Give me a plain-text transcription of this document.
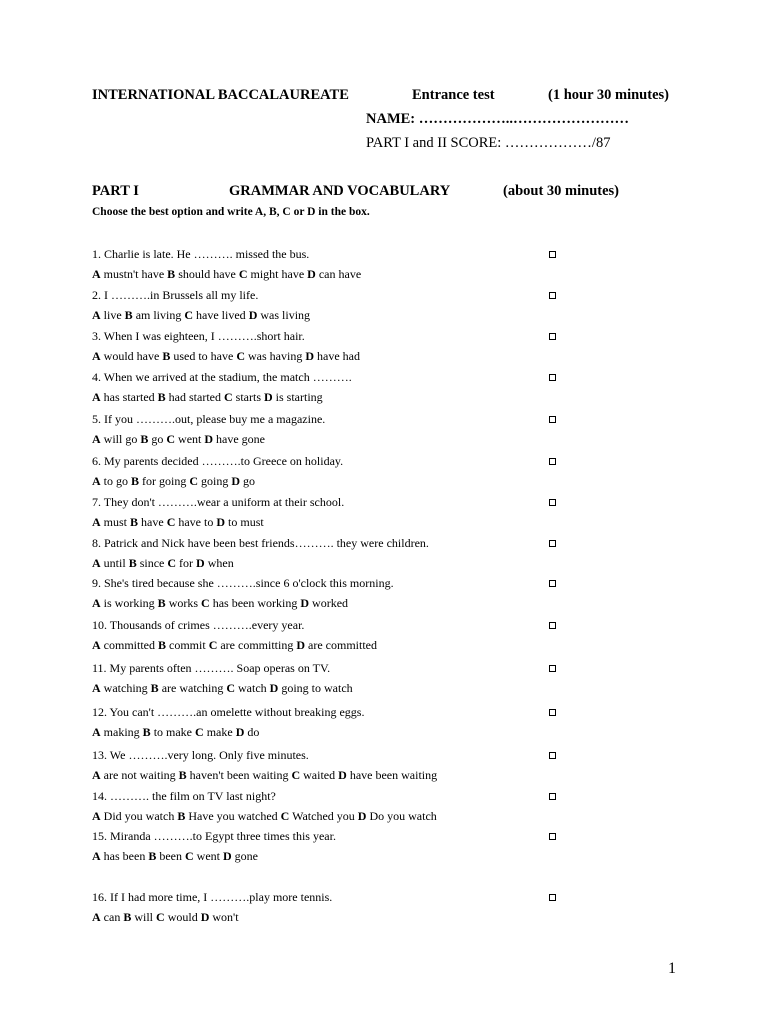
INTERNATIONAL BACCALAUREATE	Entrance test	(1 hour 30 minutes)
NAME: ………………..……………………
PART I and II SCORE: ………………/87
PART I	GRAMMAR AND VOCABULARY	(about 30 minutes)
Choose the best option and write A, B, C or D in the box.
1. Charlie is late. He ………. missed the bus.
A mustn't have B should have C might have D can have
2. I ……….in Brussels all my life.
A live B am living C have lived D was living
3. When I was eighteen, I ……….short hair.
A would have B used to have C was having D have had
4. When we arrived at the stadium, the match ……….
A has started B had started C starts D is starting
5. If you ……….out, please buy me a magazine.
A will go B go C went D have gone
6. My parents decided ……….to Greece on holiday.
A to go B for going C going D go
7. They don't ……….wear a uniform at their school.
A must B have C have to D to must
8. Patrick and Nick have been best friends………. they were children.
A until B since C for D when
9. She's tired because she ……….since 6 o'clock this morning.
A is working B works C has been working D worked
10. Thousands of crimes ……….every year.
A committed B commit C are committing D are committed
11. My parents often ………. Soap operas on TV.
A watching B are watching C watch D going to watch
12. You can't ……….an omelette without breaking eggs.
A making B to make C make D do
13. We ……….very long. Only five minutes.
A are not waiting B haven't been waiting C waited D have been waiting
14. ………. the film on TV last night?
A Did you watch B Have you watched C Watched you D Do you watch
15. Miranda ……….to Egypt three times this year.
A has been B been C went D gone
16. If I had more time, I ……….play more tennis.
A can B will C would D won't
1
